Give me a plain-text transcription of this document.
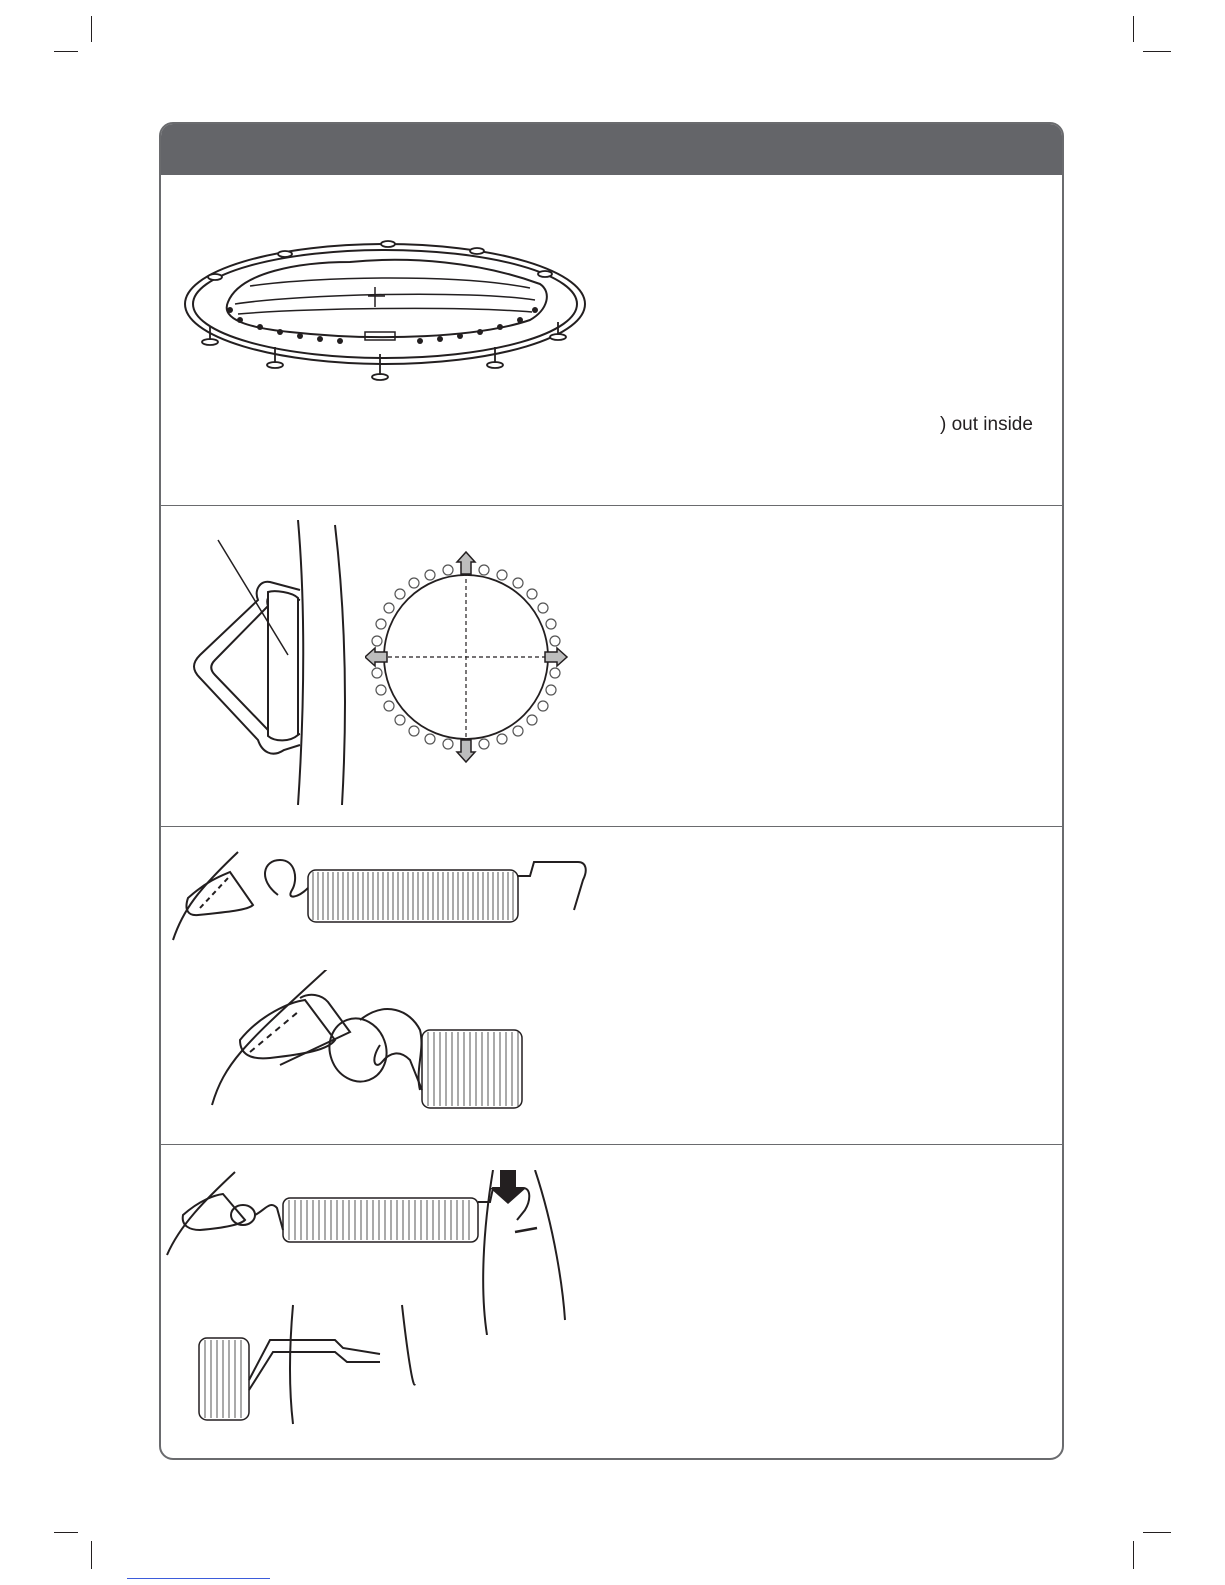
) out inside
